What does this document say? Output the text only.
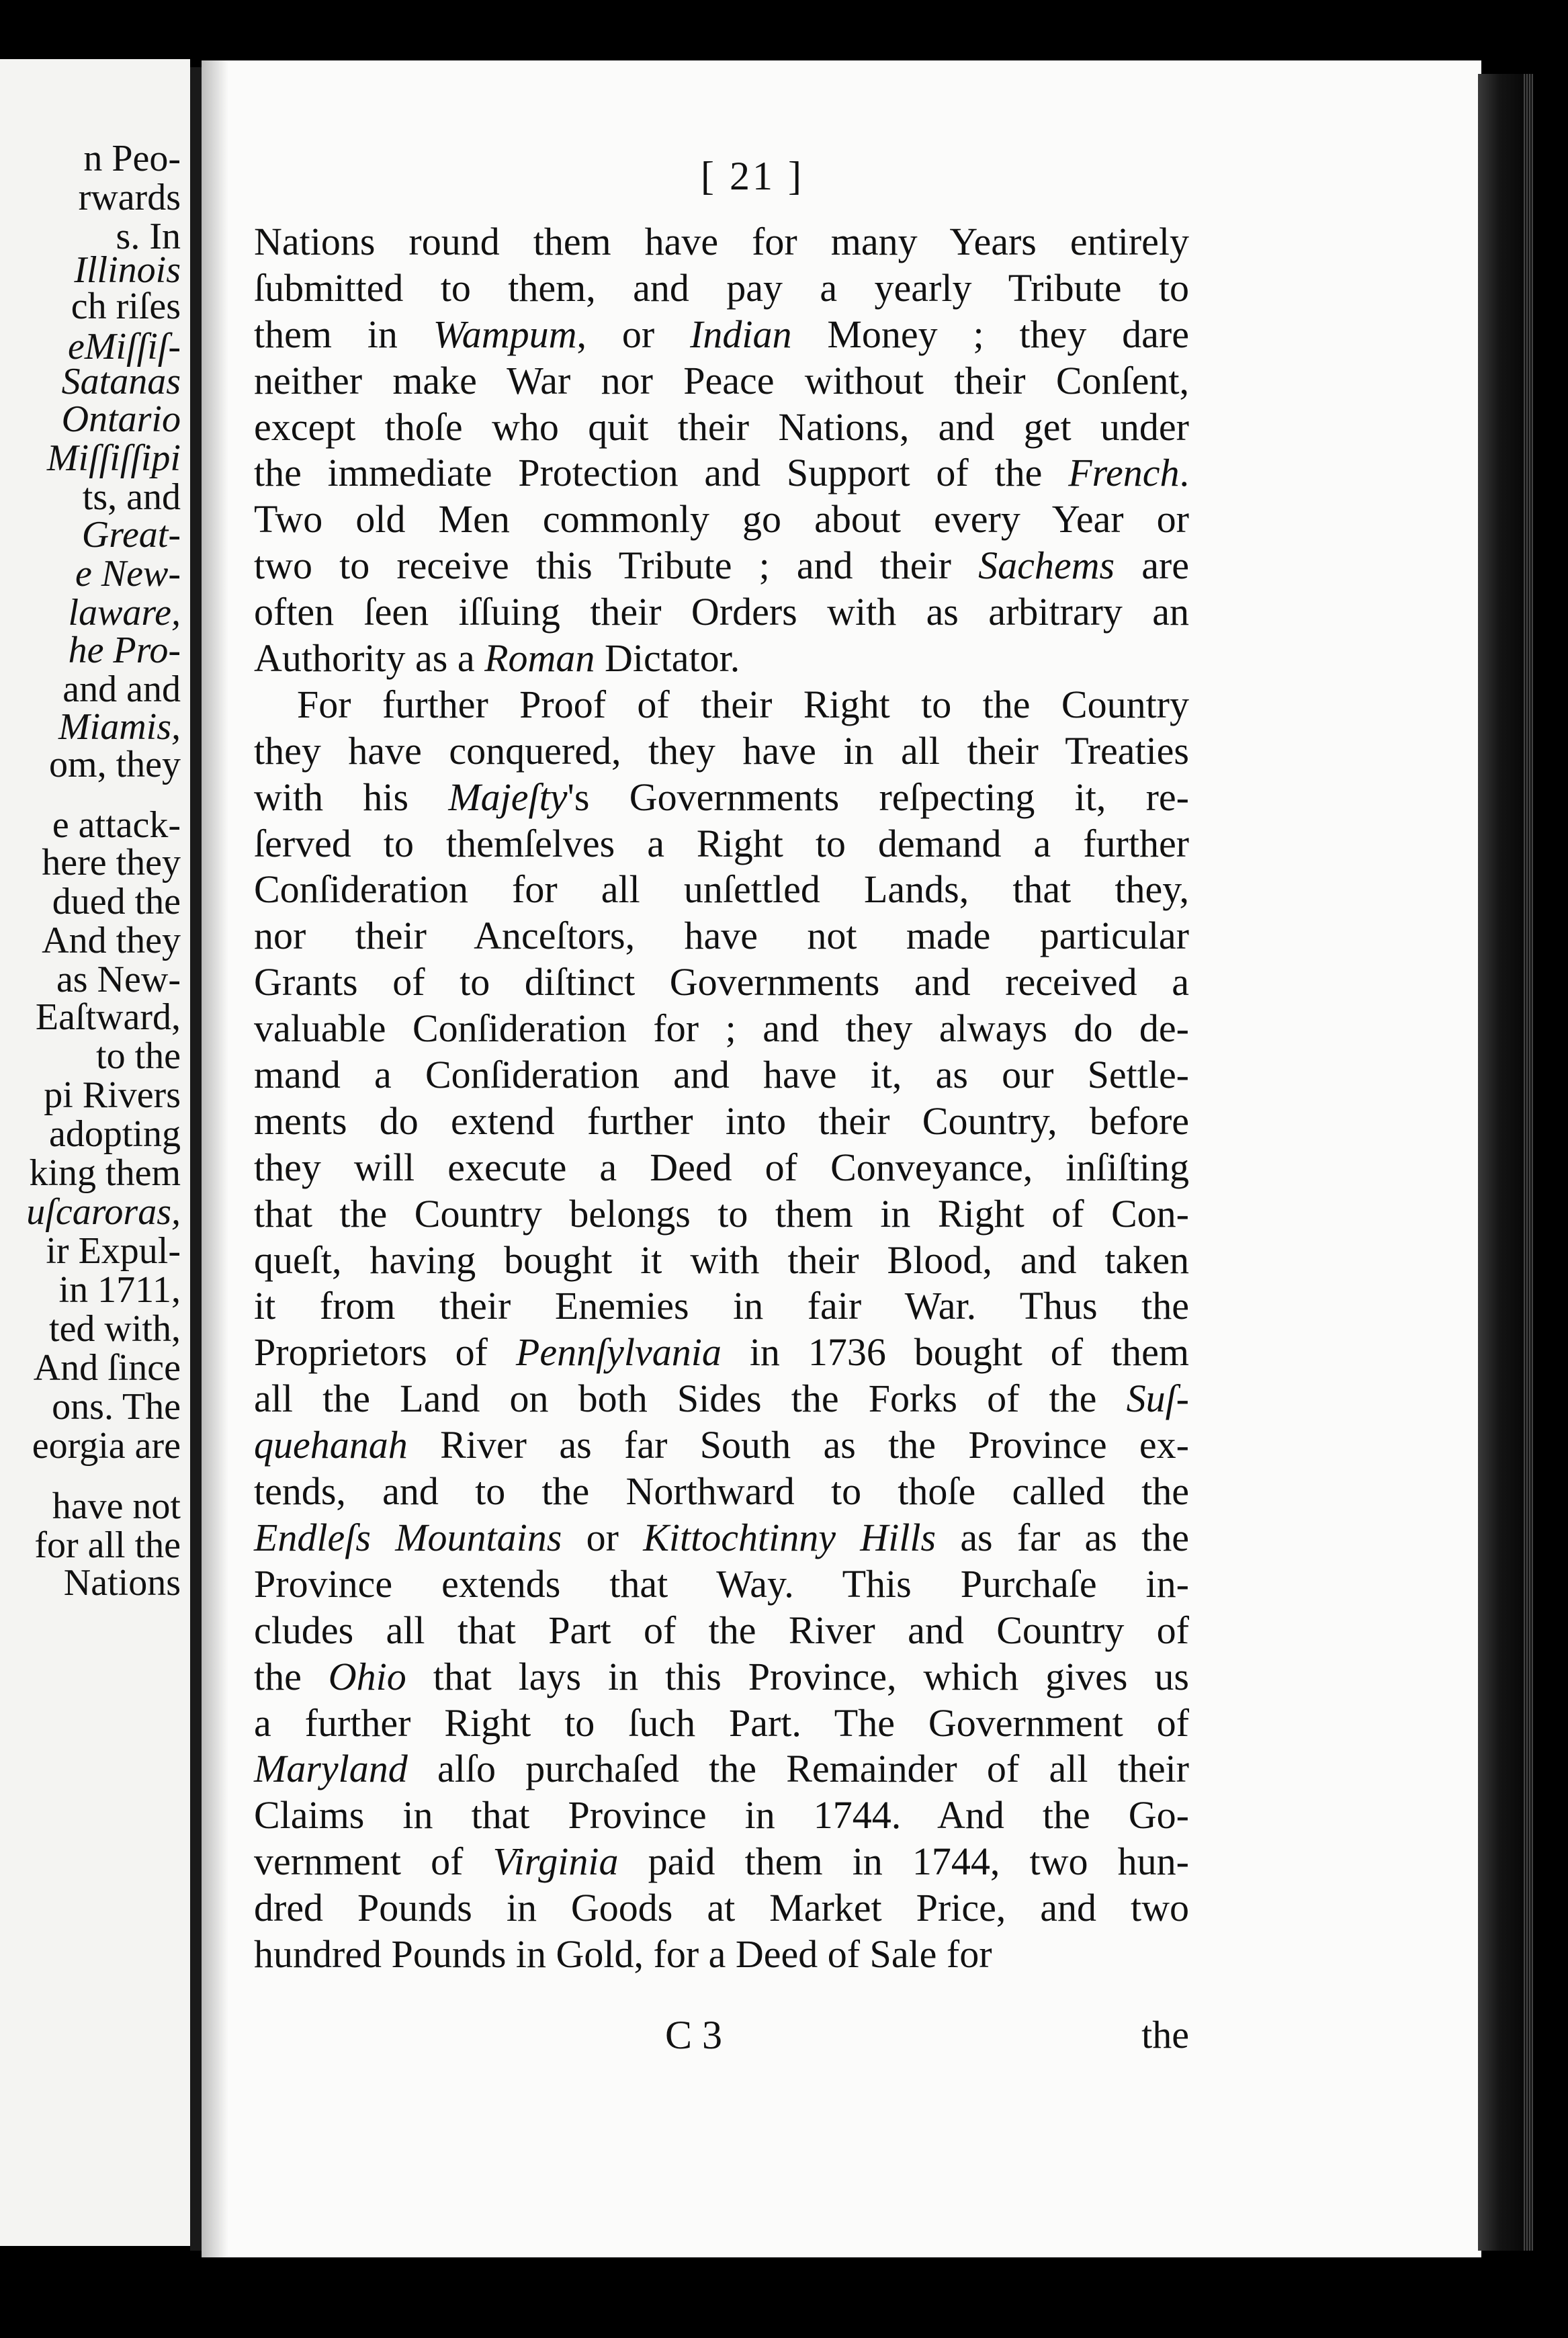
n Peo-
rwards
s. In
Illinois
ch riſes
eMiſſiſ-
Satanas
Ontario
Miſſiſſipi
ts, and
Great-
e New-
laware,
he Pro-
and and
Miamis,
om, they
e attack-
here they
dued the
And they
as New-
Eaſtward,
to the
pi Rivers
adopting
king them
uſcaroras,
ir Expul-
in 1711,
ted with,
And ſince
ons. The
eorgia are
have not
for all the
Nations
[ 21 ]
Nations round them have for many Years entirely
ſubmitted to them, and pay a yearly Tribute to
them in Wampum, or Indian Money ; they dare
neither make War nor Peace without their Conſent,
except thoſe who quit their Nations, and get under
the immediate Protection and Support of the French.
Two old Men commonly go about every Year or
two to receive this Tribute ; and their Sachems are
often ſeen iſſuing their Orders with as arbitrary an
Authority as a Roman Dictator.
For further Proof of their Right to the Country
they have conquered, they have in all their Treaties
with his Majeſty's Governments reſpecting it, re-
ſerved to themſelves a Right to demand a further
Conſideration for all unſettled Lands, that they,
nor their Anceſtors, have not made particular
Grants of to diſtinct Governments and received a
valuable Conſideration for ; and they always do de-
mand a Conſideration and have it, as our Settle-
ments do extend further into their Country, before
they will execute a Deed of Conveyance, inſiſting
that the Country belongs to them in Right of Con-
queſt, having bought it with their Blood, and taken
it from their Enemies in fair War. Thus the
Proprietors of Pennſylvania in 1736 bought of them
all the Land on both Sides the Forks of the Suſ-
quehanah River as far South as the Province ex-
tends, and to the Northward to thoſe called the
Endleſs Mountains or Kittochtinny Hills as far as the
Province extends that Way. This Purchaſe in-
cludes all that Part of the River and Country of
the Ohio that lays in this Province, which gives us
a further Right to ſuch Part. The Government of
Maryland alſo purchaſed the Remainder of all their
Claims in that Province in 1744. And the Go-
vernment of Virginia paid them in 1744, two hun-
dred Pounds in Goods at Market Price, and two
hundred Pounds in Gold, for a Deed of Sale for
C 3	the
